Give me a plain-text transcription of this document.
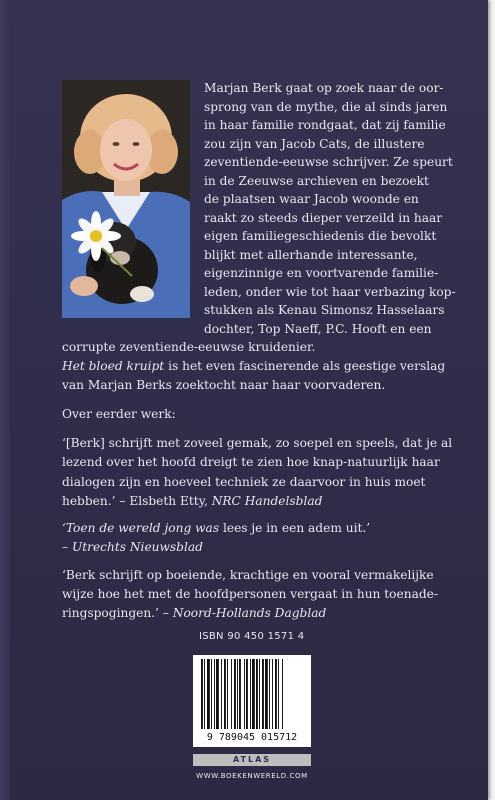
Marjan Berk gaat op zoek naar de oor-

sprong van de mythe, die al sinds jaren

in haar familie rondgaat, dat zij familie

zou zijn van Jacob Cats, de illustere

zeventiende-eeuwse schrijver. Ze speurt

in de Zeeuwse archieven en bezoekt

de plaatsen waar Jacob woonde en

raakt zo steeds dieper verzeild in haar

eigen familiegeschiedenis die bevolkt

blijkt met allerhande interessante,

eigenzinnige en voortvarende familie-

leden, onder wie tot haar verbazing kop-

stukken als Kenau Simonsz Hasselaars

dochter, Top Naeff, P.C. Hooft en een

corrupte zeventiende-eeuwse kruidenier.

Het bloed kruipt is het even fascinerende als geestige verslag

van Marjan Berks zoektocht naar haar voorvaderen.

Over eerder werk:

‘[Berk] schrijft met zoveel gemak, zo soepel en speels, dat je al

lezend over het hoofd dreigt te zien hoe knap-natuurlijk haar

dialogen zijn en hoeveel techniek ze daarvoor in huis moet

hebben.’ – Elsbeth Etty, NRC Handelsblad

‘Toen de wereld jong was lees je in een adem uit.’

– Utrechts Nieuwsblad

‘Berk schrijft op boeiende, krachtige en vooral vermakelijke

wijze hoe het met de hoofdpersonen vergaat in hun toenade-

ringspogingen.’ – Noord-Hollands Dagblad

ISBN 90 450 1571 4
9 789045 015712
ATLAS
WWW.BOEKENWERELD.COM
